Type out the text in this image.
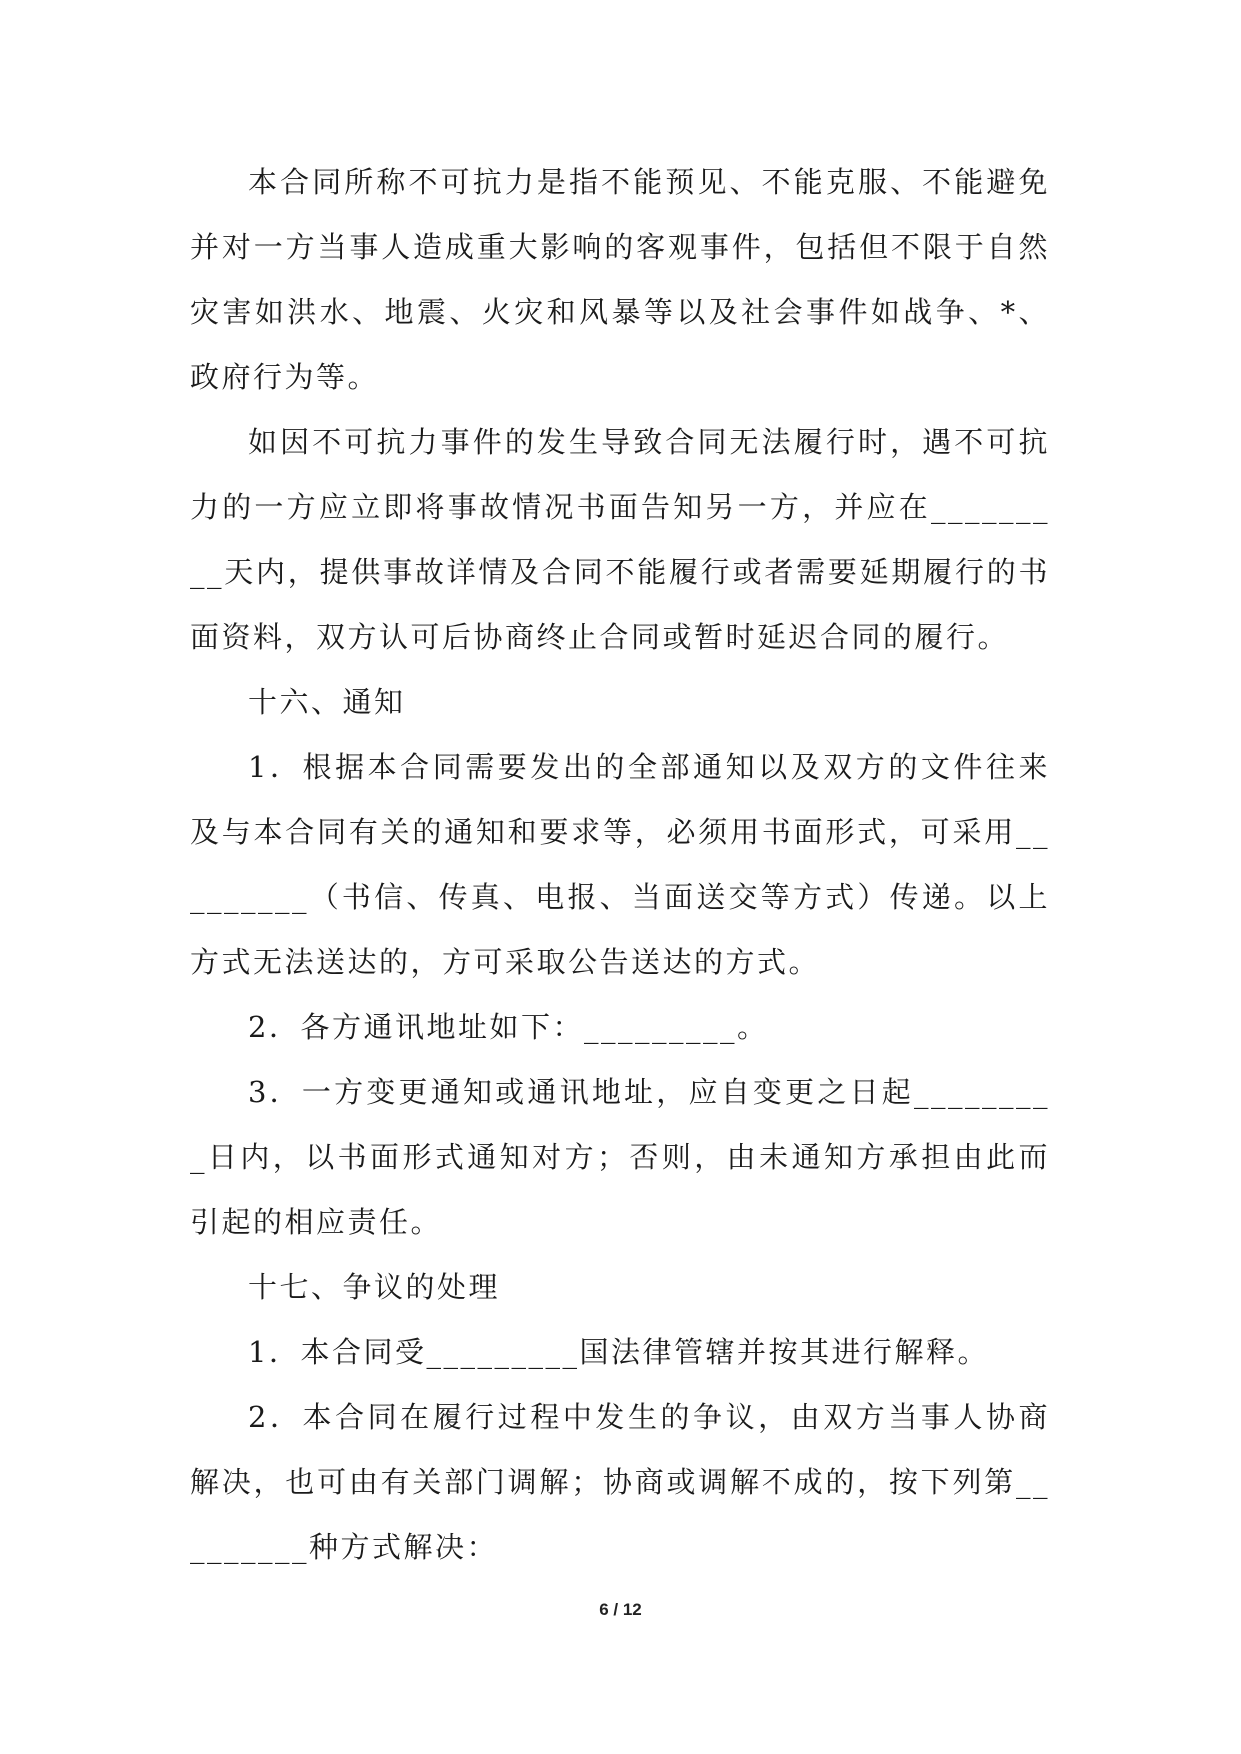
本合同所称不可抗力是指不能预见、不能克服、不能避免并对一方当事人造成重大影响的客观事件，包括但不限于自然灾害如洪水、地震、火灾和风暴等以及社会事件如战争、*、政府行为等。

如因不可抗力事件的发生导致合同无法履行时，遇不可抗力的一方应立即将事故情况书面告知另一方，并应在_________天内，提供事故详情及合同不能履行或者需要延期履行的书面资料，双方认可后协商终止合同或暂时延迟合同的履行。

十六、通知

1．根据本合同需要发出的全部通知以及双方的文件往来及与本合同有关的通知和要求等，必须用书面形式，可采用_________（书信、传真、电报、当面送交等方式）传递。以上方式无法送达的，方可采取公告送达的方式。

2．各方通讯地址如下：_________。

3．一方变更通知或通讯地址，应自变更之日起_________日内，以书面形式通知对方；否则，由未通知方承担由此而引起的相应责任。

十七、争议的处理

1．本合同受_________国法律管辖并按其进行解释。

2．本合同在履行过程中发生的争议，由双方当事人协商解决，也可由有关部门调解；协商或调解不成的，按下列第_________种方式解决：

6 / 12
